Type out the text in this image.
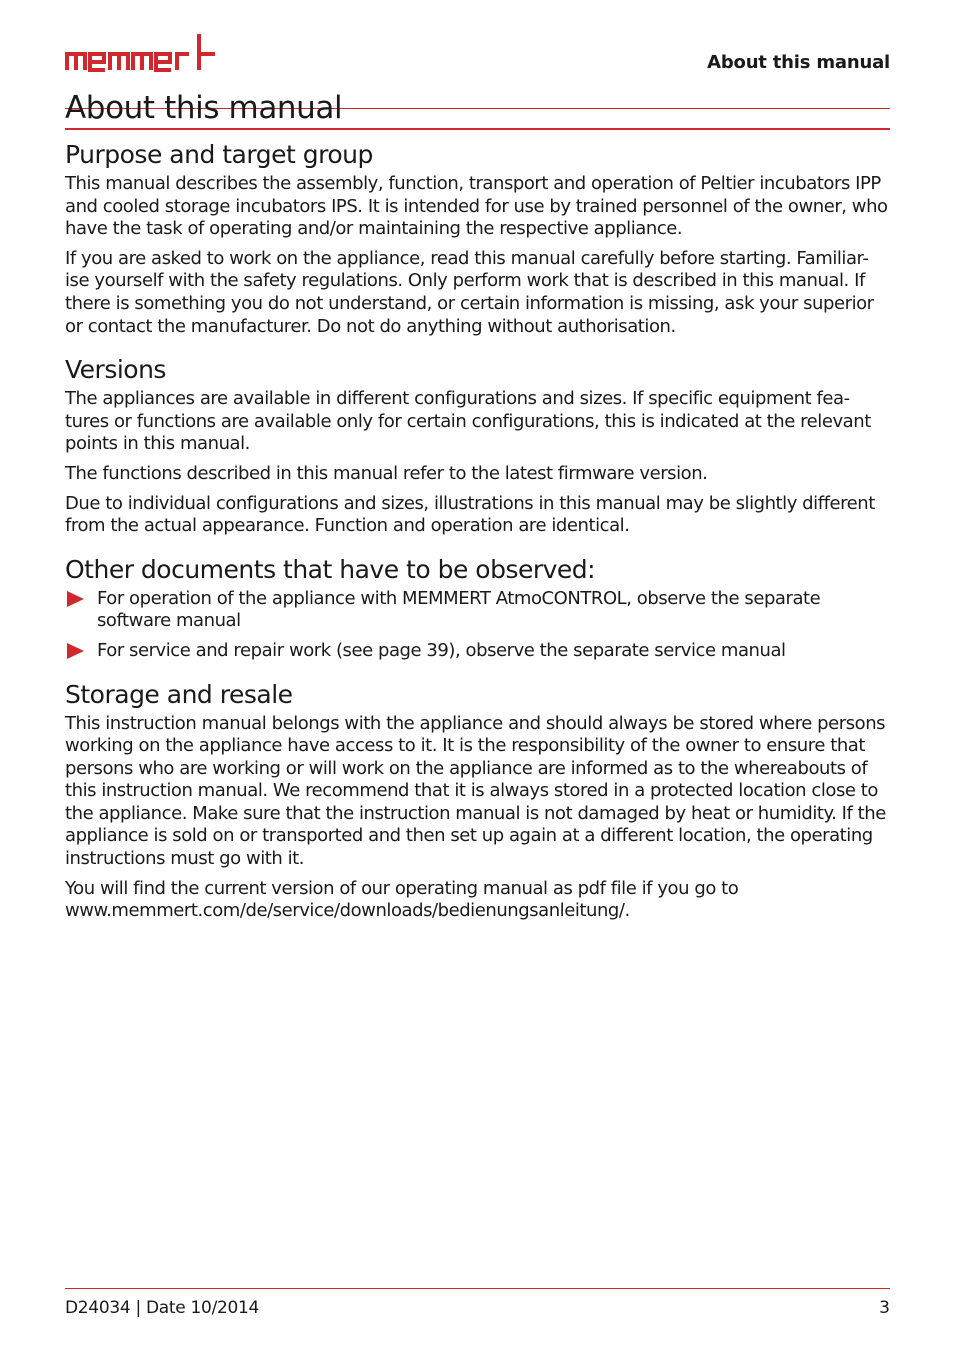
About this manual
About this manual
Purpose and target group

This manual describes the assembly, function, transport and operation of Peltier incubators IPP and cooled storage incubators IPS. It is intended for use by trained personnel of the owner, who have the task of operating and/or maintaining the respective appliance.

If you are asked to work on the appliance, read this manual carefully before starting. Familiar-ise yourself with the safety regulations. Only perform work that is described in this manual. If there is something you do not understand, or certain information is missing, ask your superior or contact the manufacturer. Do not do anything without authorisation.

Versions

The appliances are available in different configurations and sizes. If specific equipment fea-tures or functions are available only for certain configurations, this is indicated at the relevant points in this manual.

The functions described in this manual refer to the latest firmware version.

Due to individual configurations and sizes, illustrations in this manual may be slightly different from the actual appearance. Function and operation are identical.

Other documents that have to be observed:

For operation of the appliance with MEMMERT AtmoCONTROL, observe the separate software manual

For service and repair work (see page 39), observe the separate service manual

Storage and resale

This instruction manual belongs with the appliance and should always be stored where persons working on the appliance have access to it. It is the responsibility of the owner to ensure that persons who are working or will work on the appliance are informed as to the whereabouts of this instruction manual. We recommend that it is always stored in a protected location close to the appliance. Make sure that the instruction manual is not damaged by heat or humidity. If the appliance is sold on or transported and then set up again at a different location, the operating instructions must go with it.

You will find the current version of our operating manual as pdf file if you go to www.memmert.com/de/service/downloads/bedienungsanleitung/.

D24034 | Date 10/2014	3
